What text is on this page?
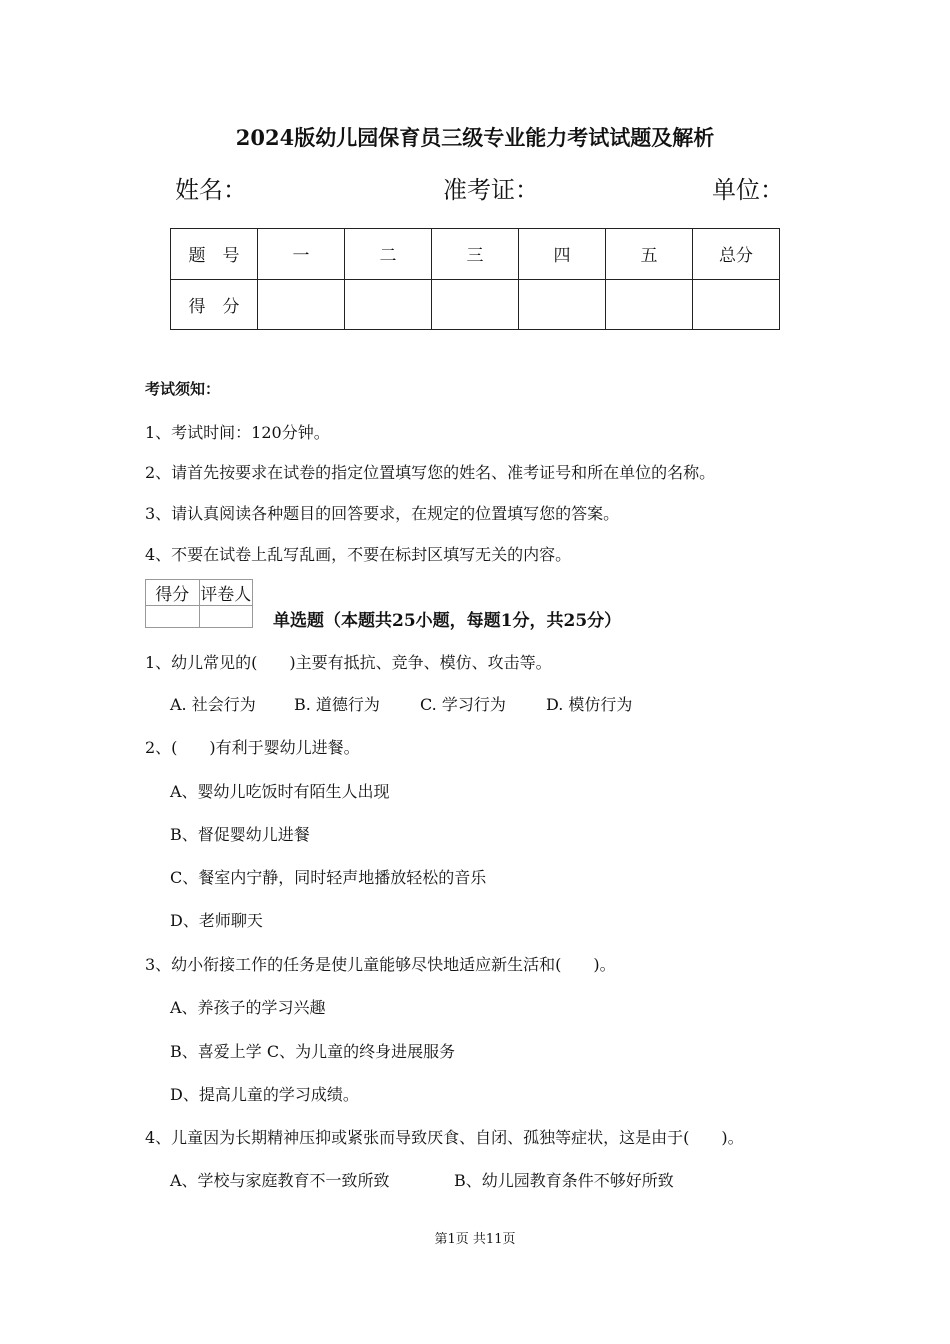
2024版幼儿园保育员三级专业能力考试试题及解析
姓名：	准考证：	单位：
题　号	一	二	三	四	五	总分
得　分						
考试须知：
1、考试时间：120分钟。
2、请首先按要求在试卷的指定位置填写您的姓名、准考证号和所在单位的名称。
3、请认真阅读各种题目的回答要求，在规定的位置填写您的答案。
4、不要在试卷上乱写乱画，不要在标封区填写无关的内容。
得分	评卷人

单选题（本题共25小题，每题1分，共25分）
1、幼儿常见的(　　)主要有抵抗、竞争、模仿、攻击等。
A. 社会行为 B. 道德行为	C. 学习行为	D. 模仿行为
2、(　　)有利于婴幼儿进餐。
A、婴幼儿吃饭时有陌生人出现
B、督促婴幼儿进餐
C、餐室内宁静，同时轻声地播放轻松的音乐
D、老师聊天
3、幼小衔接工作的任务是使儿童能够尽快地适应新生活和(　　)。
A、养孩子的学习兴趣
B、喜爱上学 C、为儿童的终身进展服务
D、提高儿童的学习成绩。
4、儿童因为长期精神压抑或紧张而导致厌食、自闭、孤独等症状，这是由于(　　)。
A、学校与家庭教育不一致所致	B、幼儿园教育条件不够好所致
第1页 共11页
